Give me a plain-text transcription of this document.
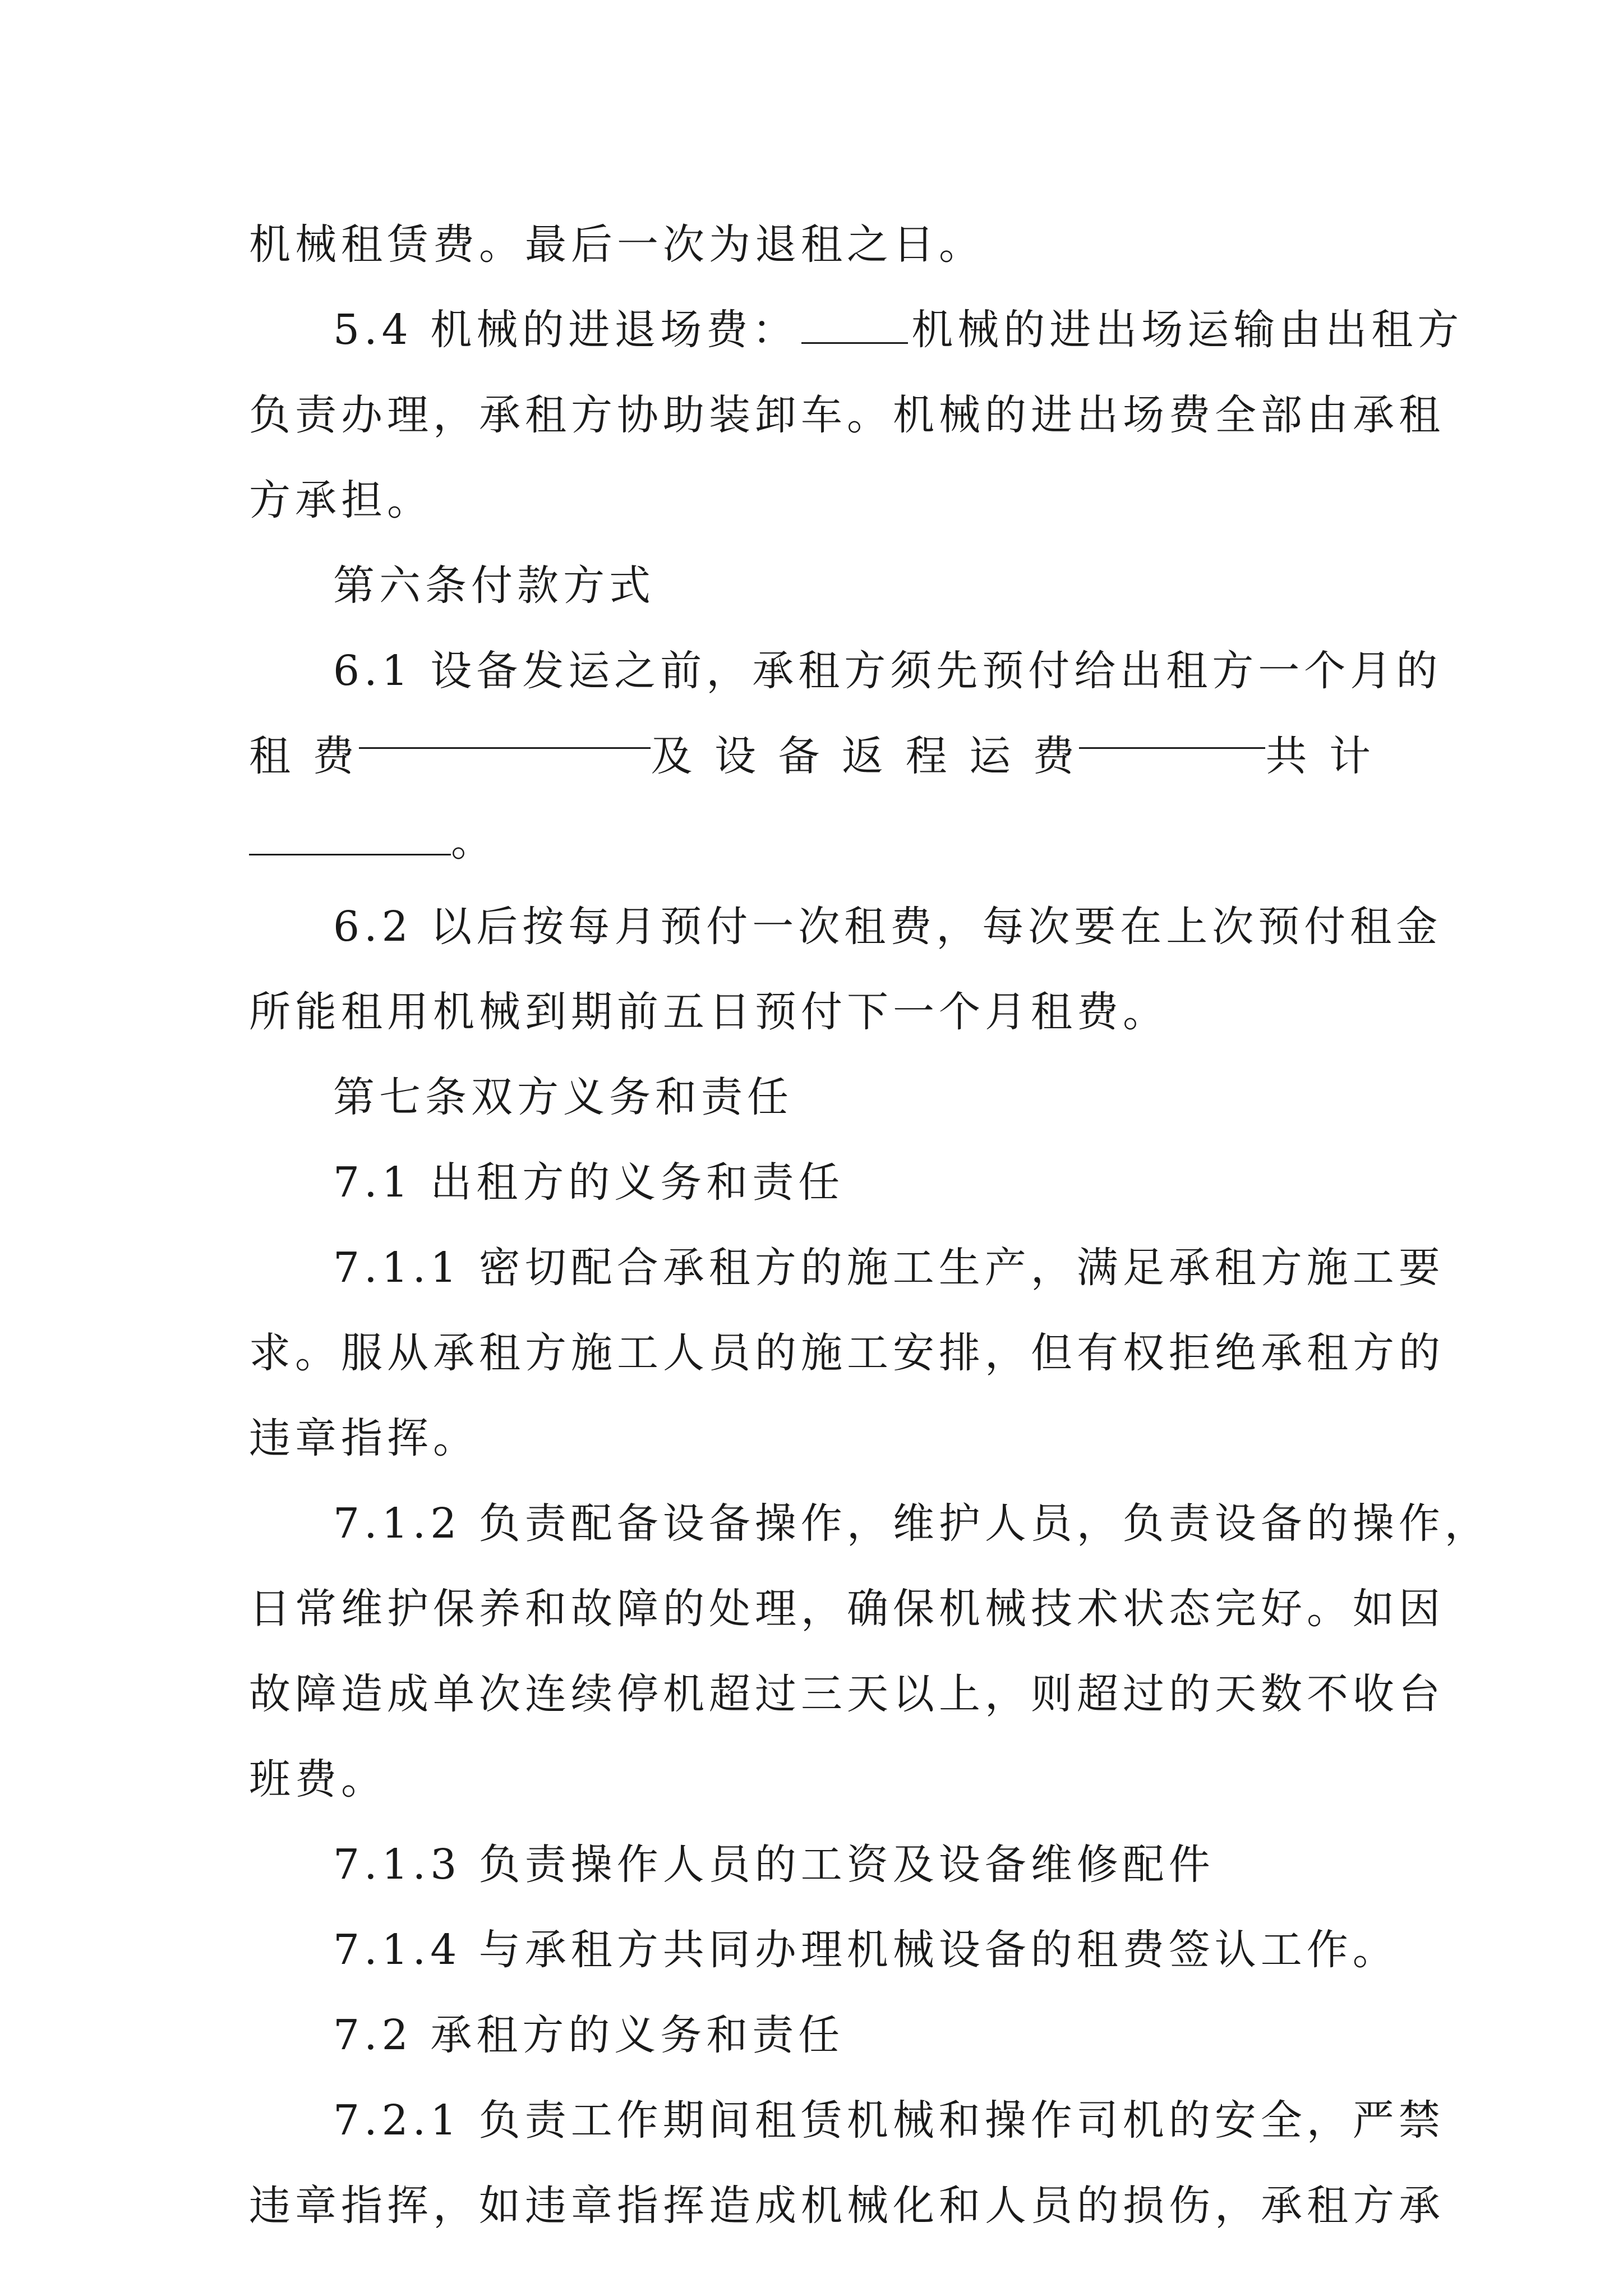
机械租赁费。最后一次为退租之日。
5.4 机械的进退场费：	机械的进出场运输由出租方
负责办理，承租方协助装卸车。机械的进出场费全部由承租
方承担。
第六条付款方式
6.1 设备发运之前，承租方须先预付给出租方一个月的
租 费	及 设 备 返 程 运 费	共 计
。
6.2 以后按每月预付一次租费，每次要在上次预付租金
所能租用机械到期前五日预付下一个月租费。
第七条双方义务和责任
7.1 出租方的义务和责任
7.1.1 密切配合承租方的施工生产，满足承租方施工要
求。服从承租方施工人员的施工安排，但有权拒绝承租方的
违章指挥。
7.1.2 负责配备设备操作，维护人员，负责设备的操作，
日常维护保养和故障的处理，确保机械技术状态完好。如因
故障造成单次连续停机超过三天以上，则超过的天数不收台
班费。
7.1.3 负责操作人员的工资及设备维修配件
7.1.4 与承租方共同办理机械设备的租费签认工作。
7.2 承租方的义务和责任
7.2.1 负责工作期间租赁机械和操作司机的安全，严禁
违章指挥，如违章指挥造成机械化和人员的损伤，承租方承
